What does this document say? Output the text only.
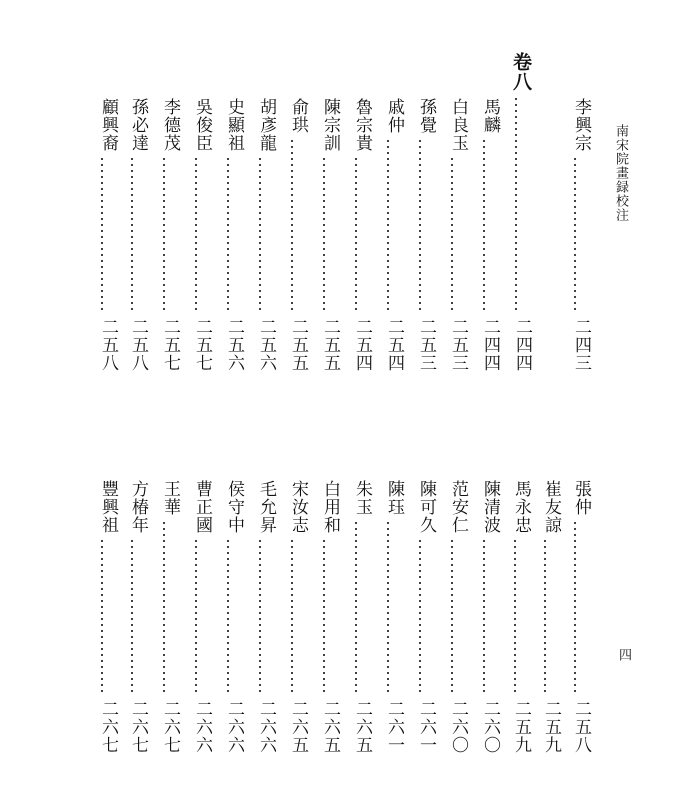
南宋院畫録校注
四
李興宗
二四三
卷八
二四四
馬麟
二四四
白良玉
二五三
孫覺
二五三
戚仲
二五四
魯宗貴
二五四
陳宗訓
二五五
俞珙
二五五
胡彥龍
二五六
史顯祖
二五六
吳俊臣
二五七
李德茂
二五七
孫必達
二五八
顧興裔
二五八
張仲
二五八
崔友諒
二五九
馬永忠
二五九
陳清波
二六〇
范安仁
二六〇
陳可久
二六一
陳珏
二六一
朱玉
二六五
白用和
二六五
宋汝志
二六五
毛允昇
二六六
侯守中
二六六
曹正國
二六六
王華
二六七
方椿年
二六七
豐興祖
二六七
